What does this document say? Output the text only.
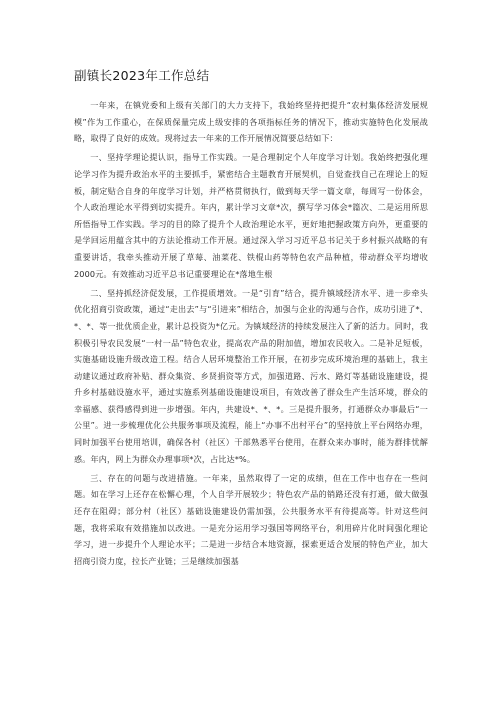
副镇长2023年工作总结

一年来，在镇党委和上级有关部门的大力支持下，我始终坚持把提升“农村集体经济发展规模”作为工作重心，在保质保量完成上级安排的各项指标任务的情况下，推动实施特色化发展战略，取得了良好的成效。现将过去一年来的工作开展情况简要总结如下：

一、坚持学理论提认识，指导工作实践。一是合理制定个人年度学习计划。我始终把强化理论学习作为提升政治水平的主要抓手，紧密结合主题教育开展契机，自觉查找自己在理论上的短板，制定贴合自身的年度学习计划，并严格贯彻执行，做到每天学一篇文章，每周写一份体会，个人政治理论水平得到切实提升。年内，累计学习文章*次，撰写学习体会*篇次、二是运用所思所悟指导工作实践。学习的目的除了提升个人政治理论水平，更好地把握政策方向外，更重要的是学回运用蕴含其中的方法论推动工作开展。通过深入学习习近平总书记关于乡村振兴战略的有重要讲话，我牵头推动开展了草莓、油菜花、铁棍山药等特色农产品种植，带动群众平均增收2000元。有效推动习近平总书记重要理论在*落地生根

二、坚持抓经济促发展，工作提质增效。一是“引育”结合，提升镇域经济水平、进一步牵头优化招商引资政策，通过“走出去”与“引进来”相结合，加强与企业的沟通与合作，成功引进了*、*、*、等一批优质企业，累计总投资为*亿元。为镇域经济的持续发展注入了新的活力。同时，我积极引导农民发展“一村一品”特色农业，提高农产品的附加值，增加农民收入。二是补足短板，实施基础设施升级改造工程。结合人居环境整治工作开展，在初步完成环境治理的基础上，我主动建议通过政府补贴、群众集资、乡贤捐资等方式，加强道路、污水、路灯等基础设施建设，提升乡村基础设施水平，通过实施系列基础设施建设项目，有效改善了群众生产生活环境，群众的幸福感、获得感得到进一步增强。年内，共建设*、*、*。三是提升服务，打通群众办事最后“一公里”。进一步梳理优化公共服务事项及流程，能上“办事不出村平台”的坚持放上平台网络办理，同时加强平台使用培训，确保各村（社区）干部熟悉平台使用，在群众来办事时，能为群排忧解惑。年内，网上为群众办理事项*次，占比达*%。

三、存在的问题与改进措施。一年来，虽然取得了一定的成绩，但在工作中也存在一些问题。如在学习上还存在松懈心理，个人自学开展较少；特色农产品的销路还没有打通，做大做强还存在阻碍；部分村（社区）基础设施建设仍需加强，公共服务水平有待提高等。针对这些问题，我将采取有效措施加以改进。一是充分运用学习强国等网络平台，利用碎片化时间强化理论学习，进一步提升个人理论水平；二是进一步结合本地资源，探索更适合发展的特色产业，加大招商引资力度，拉长产业链；三是继续加强基
